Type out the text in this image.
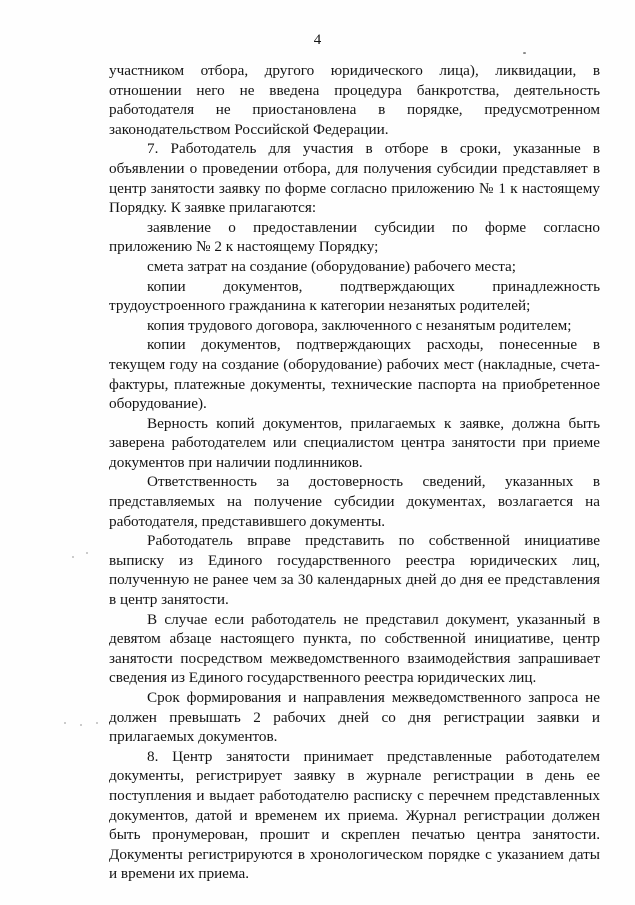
4

участником отбора, другого юридического лица), ликвидации, в отношении него не введена процедура банкротства, деятельность работодателя не приостановлена в порядке, предусмотренном законодательством Российской Федерации.

7. Работодатель для участия в отборе в сроки, указанные в объявлении о проведении отбора, для получения субсидии представляет в центр занятости заявку по форме согласно приложению № 1 к настоящему Порядку. К заявке прилагаются:

заявление о предоставлении субсидии по форме согласно приложению № 2 к настоящему Порядку;

смета затрат на создание (оборудование) рабочего места;

копии документов, подтверждающих принадлежность трудоустроенного гражданина к категории незанятых родителей;

копия трудового договора, заключенного с незанятым родителем;

копии документов, подтверждающих расходы, понесенные в текущем году на создание (оборудование) рабочих мест (накладные, счета-фактуры, платежные документы, технические паспорта на приобретенное оборудование).

Верность копий документов, прилагаемых к заявке, должна быть заверена работодателем или специалистом центра занятости при приеме документов при наличии подлинников.

Ответственность за достоверность сведений, указанных в представляемых на получение субсидии документах, возлагается на работодателя, представившего документы.

Работодатель вправе представить по собственной инициативе выписку из Единого государственного реестра юридических лиц, полученную не ранее чем за 30 календарных дней до дня ее представления в центр занятости.

В случае если работодатель не представил документ, указанный в девятом абзаце настоящего пункта, по собственной инициативе, центр занятости посредством межведомственного взаимодействия запрашивает сведения из Единого государственного реестра юридических лиц.

Срок формирования и направления межведомственного запроса не должен превышать 2 рабочих дней со дня регистрации заявки и прилагаемых документов.

8. Центр занятости принимает представленные работодателем документы, регистрирует заявку в журнале регистрации в день ее поступления и выдает работодателю расписку с перечнем представленных документов, датой и временем их приема. Журнал регистрации должен быть пронумерован, прошит и скреплен печатью центра занятости. Документы регистрируются в хронологическом порядке с указанием даты и времени их приема.
